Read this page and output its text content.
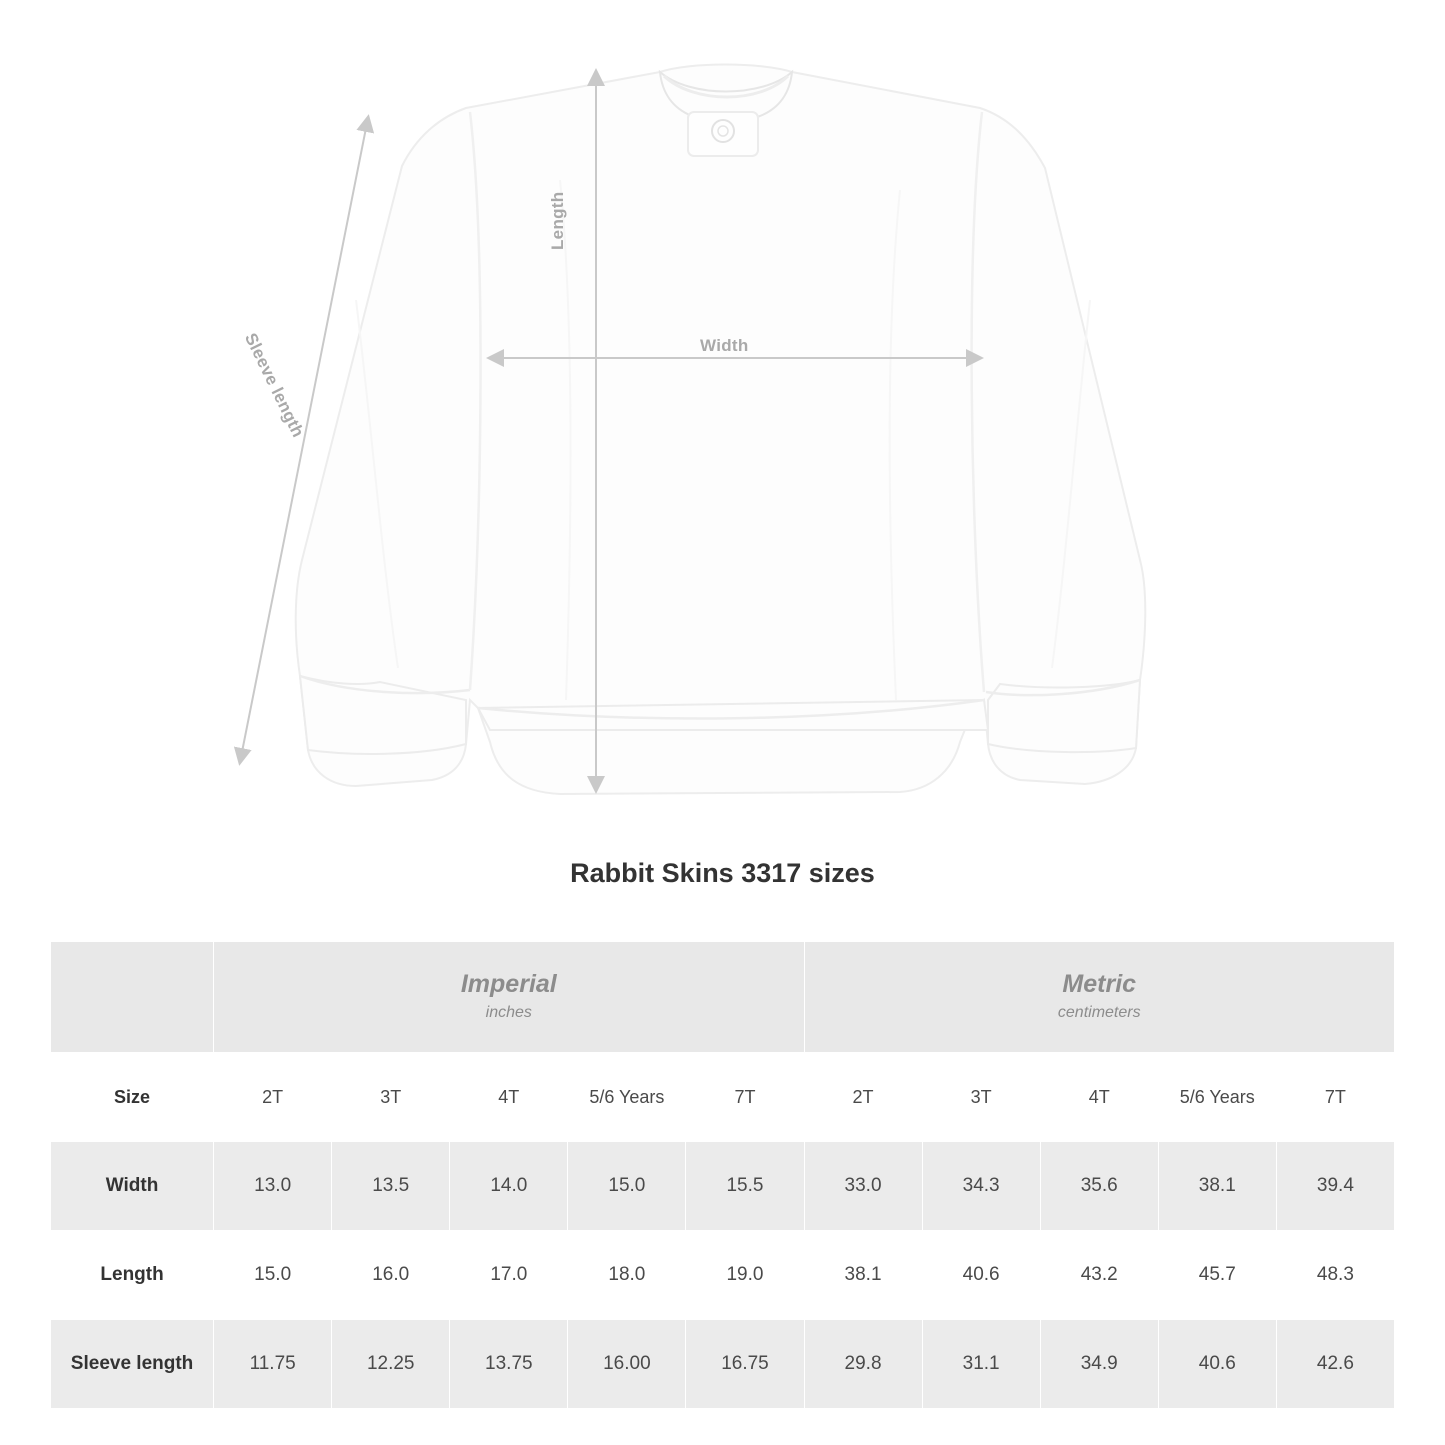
Width
Length
Sleeve length
Rabbit Skins 3317 sizes

Imperial
inches

Metric
centimeters

Size	2T	3T	4T	5/6 Years	7T	2T	3T	4T	5/6 Years	7T
Width	13.0	13.5	14.0	15.0	15.5	33.0	34.3	35.6	38.1	39.4
Length	15.0	16.0	17.0	18.0	19.0	38.1	40.6	43.2	45.7	48.3
Sleeve length	11.75	12.25	13.75	16.00	16.75	29.8	31.1	34.9	40.6	42.6
